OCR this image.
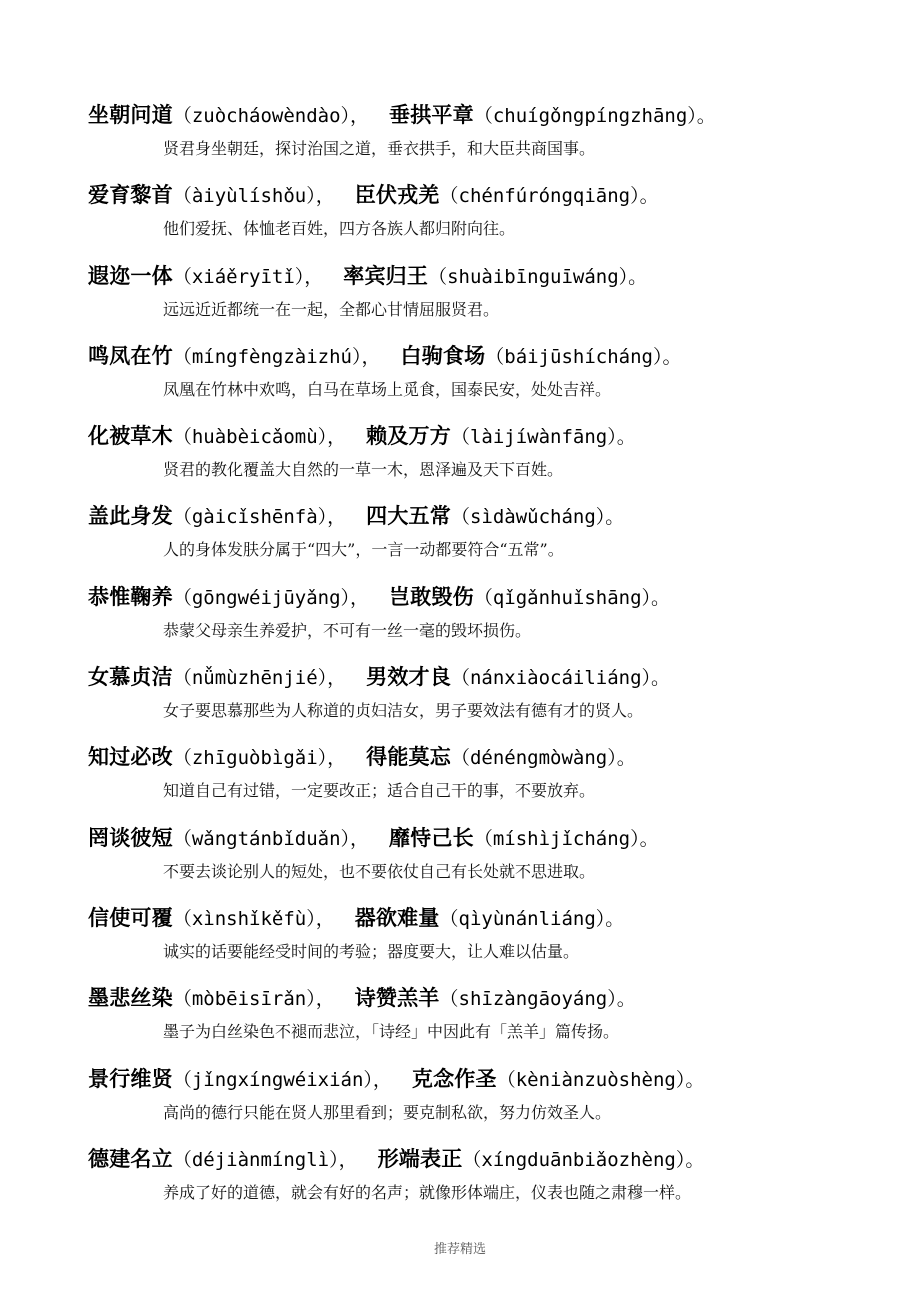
坐朝问道（zuòcháowèndào）， 垂拱平章（chuígǒngpíngzhāng）。
贤君身坐朝廷，探讨治国之道，垂衣拱手，和大臣共商国事。
爱育黎首（àiyùlíshǒu）， 臣伏戎羌（chénfúróngqiāng）。
他们爱抚、体恤老百姓，四方各族人都归附向往。
遐迩一体（xiáěryītǐ）， 率宾归王（shuàibīnguīwáng）。
远远近近都统一在一起，全都心甘情屈服贤君。
鸣凤在竹（míngfèngzàizhú）， 白驹食场（báijūshícháng）。
凤凰在竹林中欢鸣，白马在草场上觅食，国泰民安，处处吉祥。
化被草木（huàbèicǎomù）， 赖及万方（làijíwànfāng）。
贤君的教化覆盖大自然的一草一木，恩泽遍及天下百姓。
盖此身发（gàicǐshēnfà）， 四大五常（sìdàwǔcháng）。
人的身体发肤分属于“四大”，一言一动都要符合“五常”。
恭惟鞠养（gōngwéijūyǎng）， 岂敢毁伤（qǐgǎnhuǐshāng）。
恭蒙父母亲生养爱护，不可有一丝一毫的毁坏损伤。
女慕贞洁（nǚmùzhēnjié）， 男效才良（nánxiàocáiliáng）。
女子要思慕那些为人称道的贞妇洁女，男子要效法有德有才的贤人。
知过必改（zhīguòbìgǎi）， 得能莫忘（dénéngmòwàng）。
知道自己有过错，一定要改正；适合自己干的事，不要放弃。
罔谈彼短（wǎngtánbǐduǎn）， 靡恃己长（míshìjǐcháng）。
不要去谈论别人的短处，也不要依仗自己有长处就不思进取。
信使可覆（xìnshǐkěfù）， 器欲难量（qìyùnánliáng）。
诚实的话要能经受时间的考验；器度要大，让人难以估量。
墨悲丝染（mòbēisīrǎn）， 诗赞羔羊（shīzàngāoyáng）。
墨子为白丝染色不褪而悲泣，「诗经」中因此有「羔羊」篇传扬。
景行维贤（jǐngxíngwéixián）， 克念作圣（kèniànzuòshèng）。
高尚的德行只能在贤人那里看到；要克制私欲，努力仿效圣人。
德建名立（déjiànmínglì）， 形端表正（xíngduānbiǎozhèng）。
养成了好的道德，就会有好的名声；就像形体端庄，仪表也随之肃穆一样。
推荐精选
